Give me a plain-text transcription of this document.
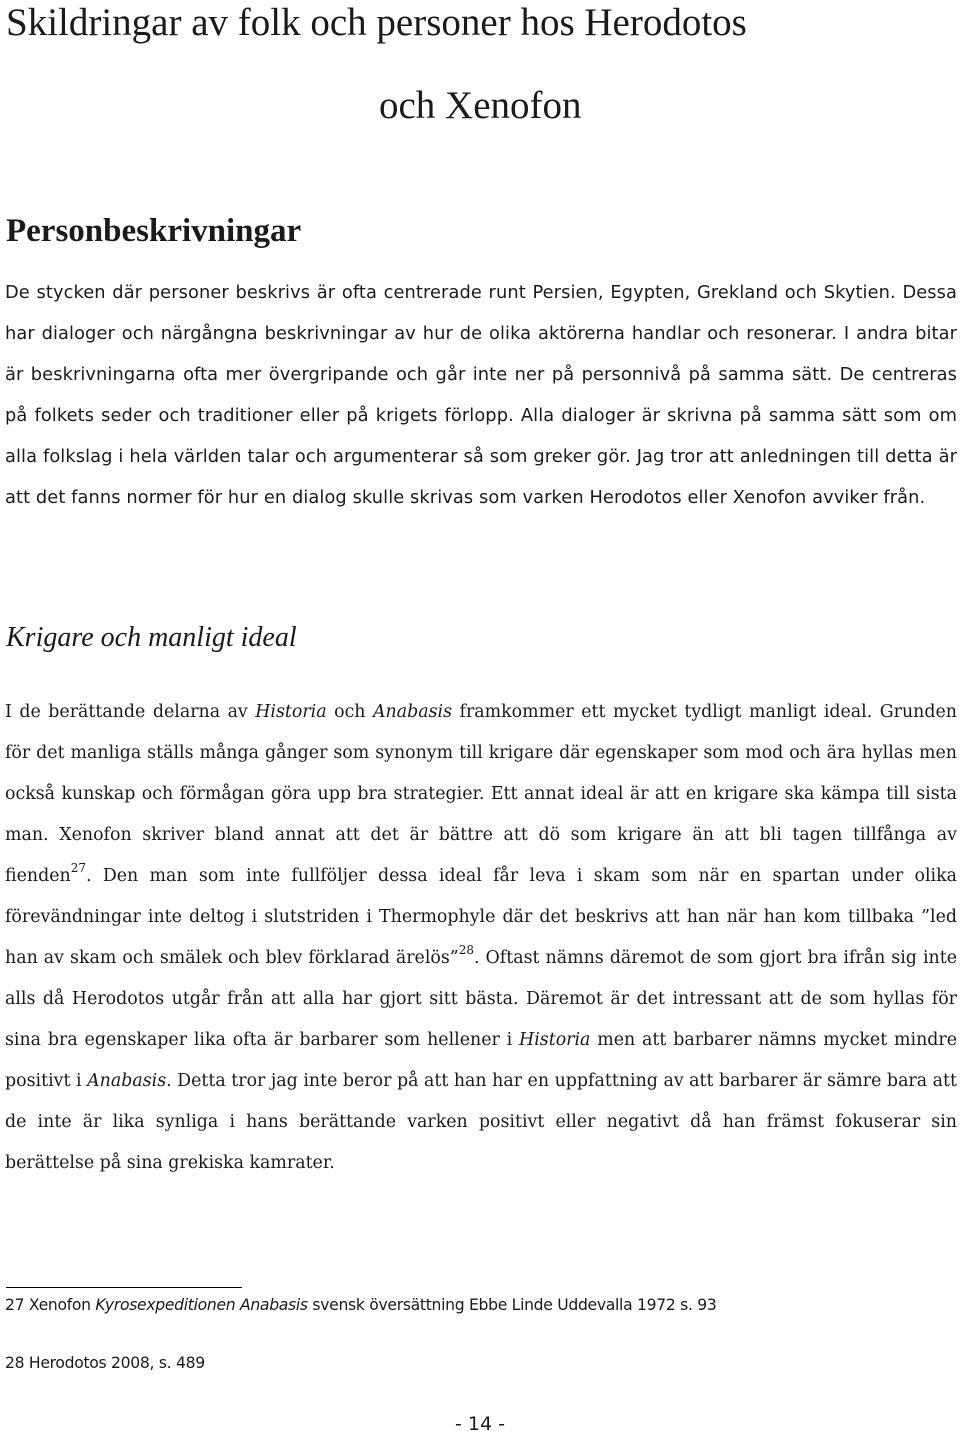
Skildringar av folk och personer hos Herodotos
och Xenofon
Personbeskrivningar

De stycken där personer beskrivs är ofta centrerade runt Persien, Egypten, Grekland och Skytien. Dessa har dialoger och närgångna beskrivningar av hur de olika aktörerna handlar och resonerar. I andra bitar är beskrivningarna ofta mer övergripande och går inte ner på personnivå på samma sätt. De centreras på folkets seder och traditioner eller på krigets förlopp. Alla dialoger är skrivna på samma sätt som om alla folkslag i hela världen talar och argumenterar så som greker gör. Jag tror att anledningen till detta är att det fanns normer för hur en dialog skulle skrivas som varken Herodotos eller Xenofon avviker från.

Krigare och manligt ideal

I de berättande delarna av Historia och Anabasis framkommer ett mycket tydligt manligt ideal. Grunden för det manliga ställs många gånger som synonym till krigare där egenskaper som mod och ära hyllas men också kunskap och förmågan göra upp bra strategier. Ett annat ideal är att en krigare ska kämpa till sista man. Xenofon skriver bland annat att det är bättre att dö som krigare än att bli tagen tillfånga av fienden$^{27}$. Den man som inte fullföljer dessa ideal får leva i skam som när en spartan under olika förevändningar inte deltog i slutstriden i Thermophyle där det beskrivs att han när han kom tillbaka ”led han av skam och smälek och blev förklarad ärelös”$^{28}$. Oftast nämns däremot de som gjort bra ifrån sig inte alls då Herodotos utgår från att alla har gjort sitt bästa. Däremot är det intressant att de som hyllas för sina bra egenskaper lika ofta är barbarer som hellener i Historia men att barbarer nämns mycket mindre positivt i Anabasis. Detta tror jag inte beror på att han har en uppfattning av att barbarer är sämre bara att de inte är lika synliga i hans berättande varken positivt eller negativt då han främst fokuserar sin berättelse på sina grekiska kamrater.

27 Xenofon Kyrosexpeditionen Anabasis svensk översättning Ebbe Linde Uddevalla 1972 s. 93

28 Herodotos 2008, s. 489

- 14 -
